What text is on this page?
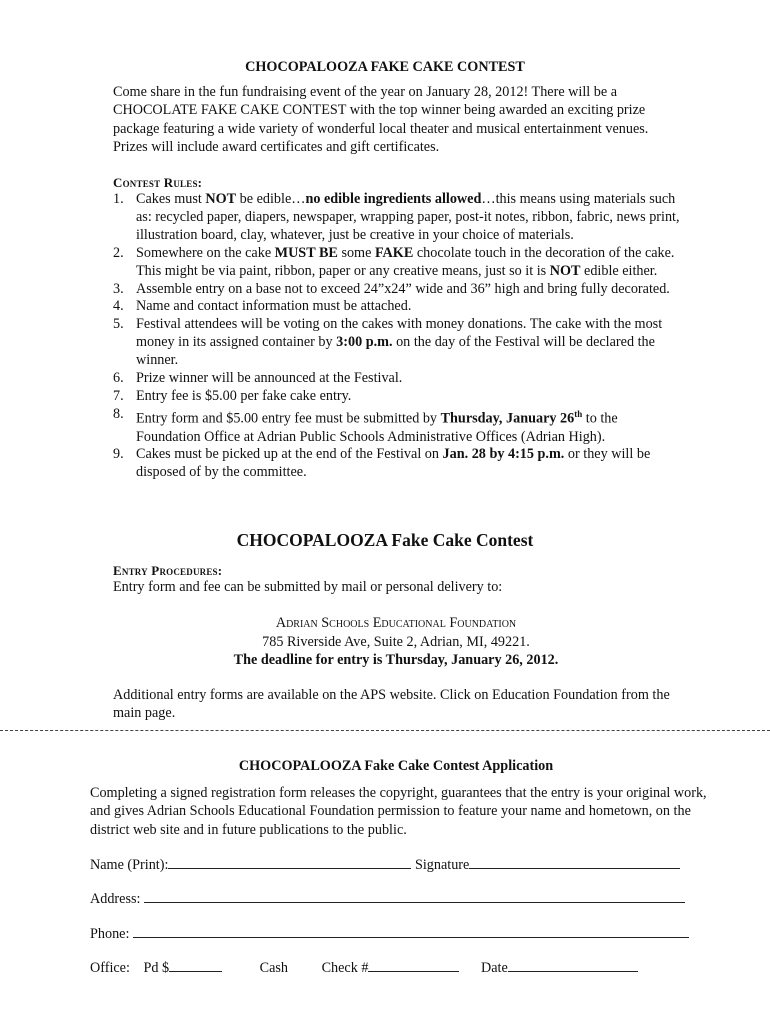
CHOCOPALOOZA FAKE CAKE CONTEST
Come share in the fun fundraising event of the year on January 28, 2012! There will be a CHOCOLATE FAKE CAKE CONTEST with the top winner being awarded an exciting prize package featuring a wide variety of wonderful local theater and musical entertainment venues. Prizes will include award certificates and gift certificates.
Contest Rules:
1. Cakes must NOT be edible…no edible ingredients allowed…this means using materials such as: recycled paper, diapers, newspaper, wrapping paper, post-it notes, ribbon, fabric, news print, illustration board, clay, whatever, just be creative in your choice of materials.
2. Somewhere on the cake MUST BE some FAKE chocolate touch in the decoration of the cake. This might be via paint, ribbon, paper or any creative means, just so it is NOT edible either.
3. Assemble entry on a base not to exceed 24”x24” wide and 36” high and bring fully decorated.
4. Name and contact information must be attached.
5. Festival attendees will be voting on the cakes with money donations. The cake with the most money in its assigned container by 3:00 p.m. on the day of the Festival will be declared the winner.
6. Prize winner will be announced at the Festival.
7. Entry fee is $5.00 per fake cake entry.
8. Entry form and $5.00 entry fee must be submitted by Thursday, January 26th to the Foundation Office at Adrian Public Schools Administrative Offices (Adrian High).
9. Cakes must be picked up at the end of the Festival on Jan. 28 by 4:15 p.m. or they will be disposed of by the committee.
CHOCOPALOOZA Fake Cake Contest
Entry Procedures:
Entry form and fee can be submitted by mail or personal delivery to:
Adrian Schools Educational Foundation
785 Riverside Ave, Suite 2, Adrian, MI, 49221.
The deadline for entry is Thursday, January 26, 2012.
Additional entry forms are available on the APS website. Click on Education Foundation from the main page.
CHOCOPALOOZA Fake Cake Contest Application
Completing a signed registration form releases the copyright, guarantees that the entry is your original work, and gives Adrian Schools Educational Foundation permission to feature your name and hometown, on the district web site and in future publications to the public.
Name (Print):	Signature
Address:
Phone:
Office: Pd $	Cash Check #	Date
